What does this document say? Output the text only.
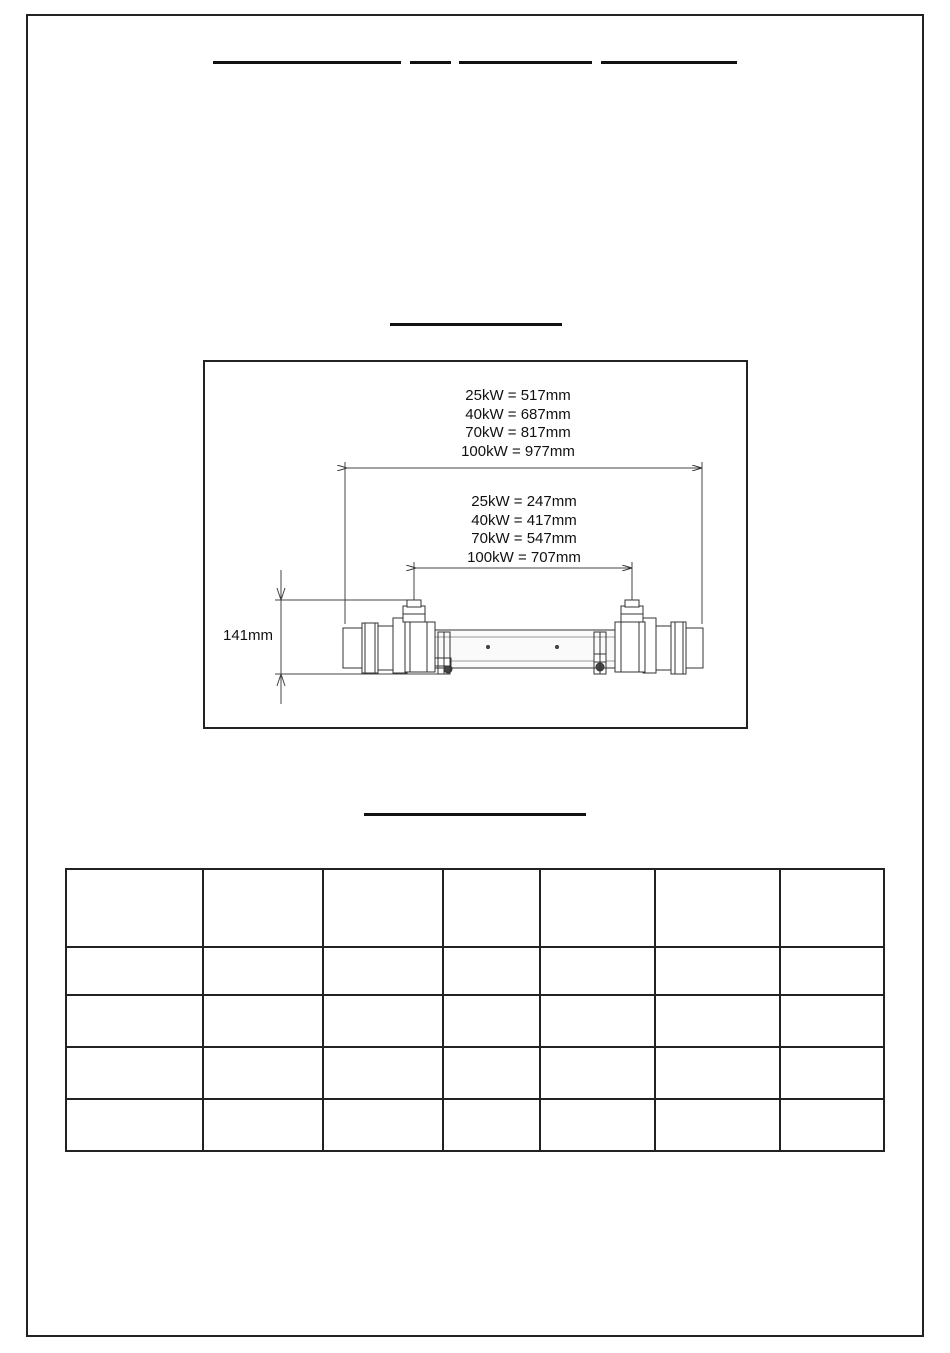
25kW = 517mm
40kW = 687mm
70kW = 817mm
100kW = 977mm
25kW = 247mm
40kW = 417mm
70kW = 547mm
100kW = 707mm
141mm
